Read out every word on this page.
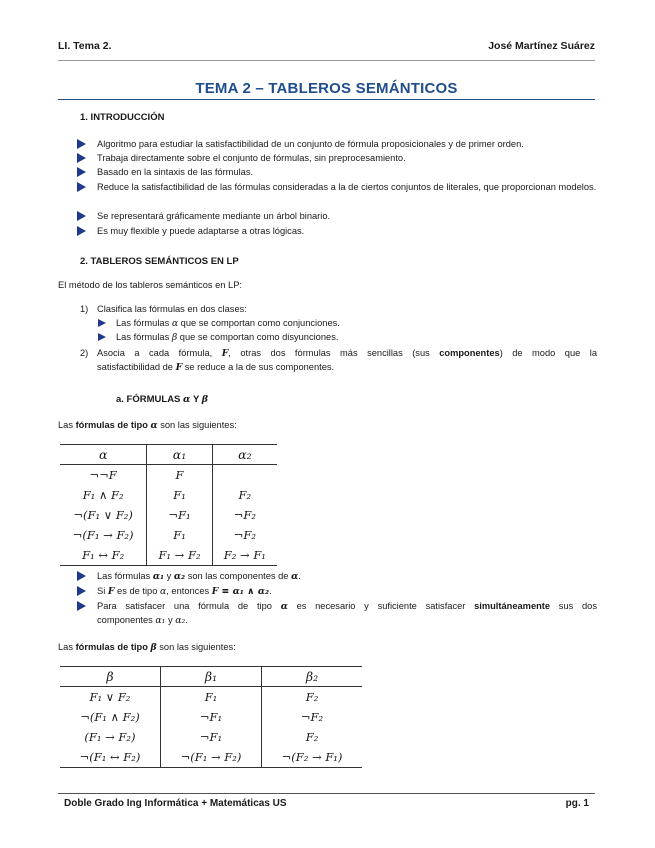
LI. Tema 2.	José Martínez Suárez
TEMA 2 – TABLEROS SEMÁNTICOS
1. INTRODUCCIÓN
Algoritmo para estudiar la satisfactibilidad de un conjunto de fórmula proposicionales y de primer orden.
Trabaja directamente sobre el conjunto de fórmulas, sin preprocesamiento.
Basado en la sintaxis de las fórmulas.
Reduce la satisfactibilidad de las fórmulas consideradas a la de ciertos conjuntos de literales, que proporcionan modelos.
Se representará gráficamente mediante un árbol binario.
Es muy flexible y puede adaptarse a otras lógicas.
2. TABLEROS SEMÁNTICOS EN LP
El método de los tableros semánticos en LP:
1) Clasifica las fórmulas en dos clases:
Las fórmulas α que se comportan como conjunciones.
Las fórmulas β que se comportan como disyunciones.
2) Asocia a cada fórmula, F, otras dos fórmulas más sencillas (sus componentes) de modo que la
satisfactibilidad de F se reduce a la de sus componentes.
a. FÓRMULAS α Y β
Las fórmulas de tipo α son las siguientes:
α	α₁	α₂
¬¬F	F	
F₁ ∧ F₂	F₁	F₂
¬(F₁ ∨ F₂)	¬F₁	¬F₂
¬(F₁ → F₂)	F₁	¬F₂
F₁ ↔ F₂	F₁ → F₂	F₂ → F₁
Las fórmulas α₁ y α₂ son las componentes de α.
Si F es de tipo α, entonces F ≡ α₁ ∧ α₂.
Para satisfacer una fórmula de tipo α es necesario y suficiente satisfacer simultáneamente sus dos
componentes α₁ y α₂.
Las fórmulas de tipo β son las siguientes:
β	β₁	β₂
F₁ ∨ F₂	F₁	F₂
¬(F₁ ∧ F₂)	¬F₁	¬F₂
(F₁ → F₂)	¬F₁	F₂
¬(F₁ ↔ F₂)	¬(F₁ → F₂)	¬(F₂ → F₁)
Doble Grado Ing Informática + Matemáticas US	pg. 1
